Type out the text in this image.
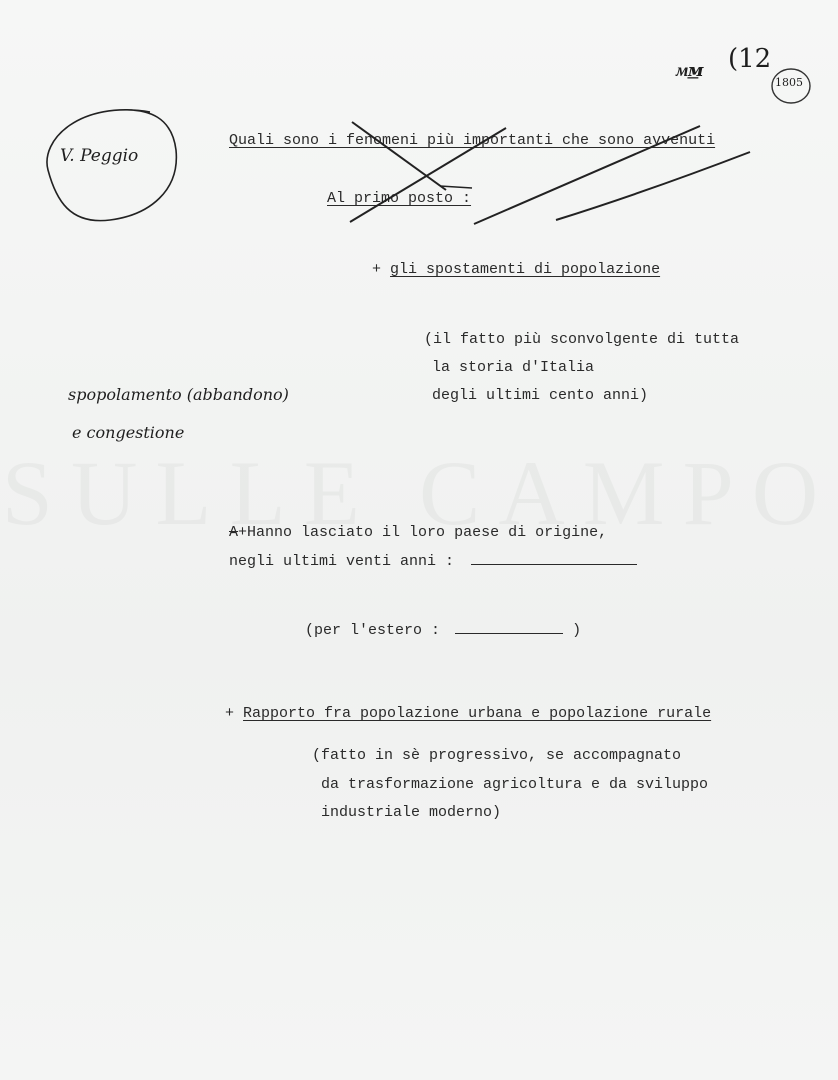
ᴍ͟ᴍ (12
1805
V. Peggio
spopolamento (abbandono)
e congestione
Quali sono i fenomeni più importanti che sono avvenuti
Al primo posto :
+ gli spostamenti di popolazione
(il fatto più sconvolgente di tutta
la storia d'Italia
degli ultimi cento anni)
A+Hanno lasciato il loro paese di origine,
negli ultimi venti anni :
(per l'estero :	)
+ Rapporto fra popolazione urbana e popolazione rurale
(fatto in sè progressivo, se accompagnato
da trasformazione agricoltura e da sviluppo
industriale moderno)
